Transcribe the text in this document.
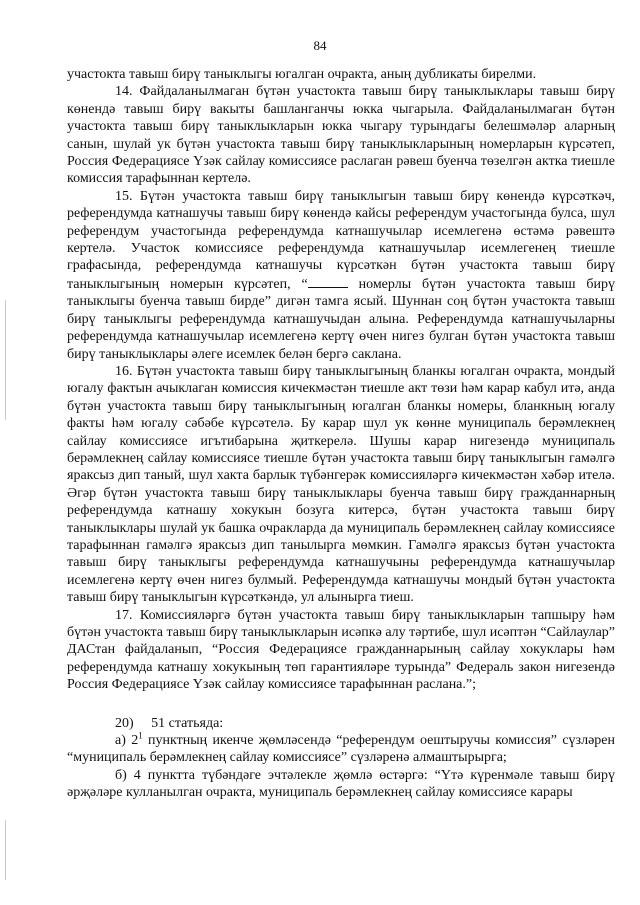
84

участокта тавыш бирү таныклыгы югалган очракта, аның дубликаты бирелми.

14. Файдаланылмаган бүтән участокта тавыш бирү таныклыклары тавыш бирү көнендә тавыш бирү вакыты башланганчы юкка чыгарыла. Файдаланылмаган бүтән участокта тавыш бирү таныклыкларын юкка чыгару турындагы белешмәләр аларның санын, шулай ук бүтән участокта тавыш бирү таныклыкларының номерларын күрсәтеп, Россия Федерациясе Үзәк сайлау комиссиясе раслаган рәвеш буенча төзелгән актка тиешле комиссия тарафыннан кертелә.

15. Бүтән участокта тавыш бирү таныклыгын тавыш бирү көнендә күрсәткәч, референдумда катнашучы тавыш бирү көнендә кайсы референдум участогында булса, шул референдум участогында референдумда катнашучылар исемлегенә өстәмә рәвештә кертелә. Участок комиссиясе референдумда катнашучылар исемлегенең тиешле графасында, референдумда катнашучы күрсәткән бүтән участокта тавыш бирү таныклыгының номерын күрсәтеп, “	номерлы бүтән участокта тавыш бирү таныклыгы буенча тавыш бирде” дигән тамга ясый. Шуннан соң бүтән участокта тавыш бирү таныклыгы референдумда катнашучыдан алына. Референдумда катнашучыларны референдумда катнашучылар исемлегенә кертү өчен нигез булган бүтән участокта тавыш бирү таныклыклары әлеге исемлек белән бергә саклана.

16. Бүтән участокта тавыш бирү таныклыгының бланкы югалган очракта, мондый югалу фактын ачыклаган комиссия кичекмәстән тиешле акт төзи һәм карар кабул итә, анда бүтән участокта тавыш бирү таныклыгының югалган бланкы номеры, бланкның югалу факты һәм югалу сәбәбе күрсәтелә. Бу карар шул ук көнне муниципаль берәмлекнең сайлау комиссиясе игътибарына җиткерелә. Шушы карар нигезендә муниципаль берәмлекнең сайлау комиссиясе тиешле бүтән участокта тавыш бирү таныклыгын гамәлгә яраксыз дип таный, шул хакта барлык түбәнгерәк комиссияләргә кичекмәстән хәбәр ителә. Әгәр бүтән участокта тавыш бирү таныклыклары буенча тавыш бирү гражданнарның референдумда катнашу хокукын бозуга китерсә, бүтән участокта тавыш бирү таныклыклары шулай ук башка очракларда да муниципаль берәмлекнең сайлау комиссиясе тарафыннан гамәлгә яраксыз дип танылырга мөмкин. Гамәлгә яраксыз бүтән участокта тавыш бирү таныклыгы референдумда катнашучыны референдумда катнашучылар исемлегенә кертү өчен нигез булмый. Референдумда катнашучы мондый бүтән участокта тавыш бирү таныклыгын күрсәткәндә, ул алынырга тиеш.

17. Комиссияләргә бүтән участокта тавыш бирү таныклыкларын тапшыру һәм бүтән участокта тавыш бирү таныклыкларын исәпкә алу тәртибе, шул исәптән “Сайлаулар” ДАСтан файдаланып, “Россия Федерациясе гражданнарының сайлау хокуклары һәм референдумда катнашу хокукының төп гарантияләре турында” Федераль закон нигезендә Россия Федерациясе Үзәк сайлау комиссиясе тарафыннан раслана.”;

20)     51 статьяда:

а) $2^1$ пунктның икенче җөмләсендә “референдум оештыручы комиссия” сүзләрен “муниципаль берәмлекнең сайлау комиссиясе” сүзләренә алмаштырырга;

б) 4 пунктта түбәндәге эчтәлекле җөмлә өстәргә: “Үтә күренмәле тавыш бирү әрҗәләре кулланылган очракта, муниципаль берәмлекнең сайлау комиссиясе карары
